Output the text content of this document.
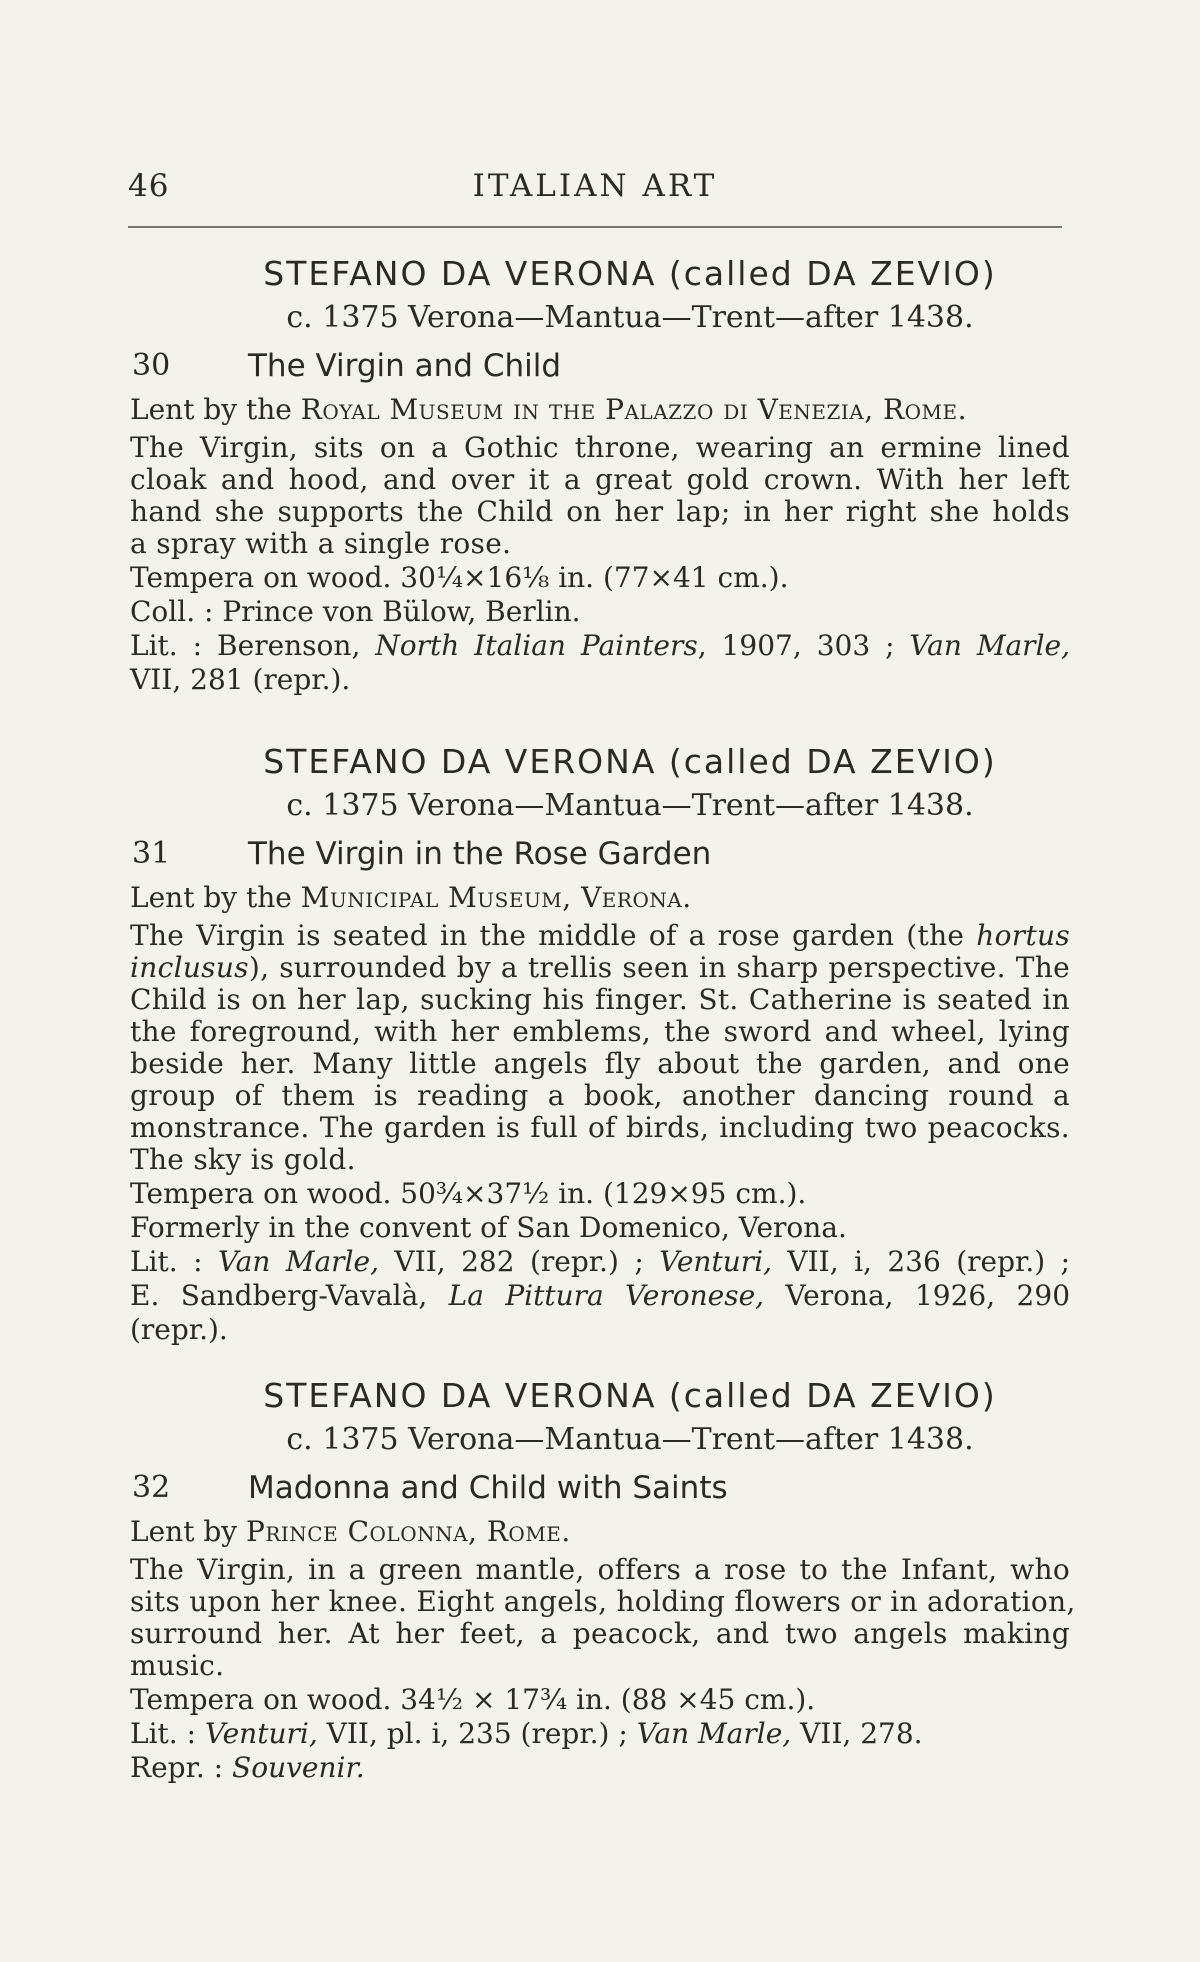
46	ITALIAN ART
STEFANO DA VERONA (called DA ZEVIO)
c. 1375 Verona—Mantua—Trent—after 1438.
30	The Virgin and Child
Lent by the Royal Museum in the Palazzo di Venezia, Rome.
The Virgin, sits on a Gothic throne, wearing an ermine lined
cloak and hood, and over it a great gold crown. With her left
hand she supports the Child on her lap; in her right she holds
a spray with a single rose.
Tempera on wood. 30¼×16⅛ in. (77×41 cm.).
Coll. : Prince von Bülow, Berlin.
Lit. : Berenson, North Italian Painters, 1907, 303 ; Van Marle,
VII, 281 (repr.).
STEFANO DA VERONA (called DA ZEVIO)
c. 1375 Verona—Mantua—Trent—after 1438.
31	The Virgin in the Rose Garden
Lent by the Municipal Museum, Verona.
The Virgin is seated in the middle of a rose garden (the hortus
inclusus), surrounded by a trellis seen in sharp perspective. The
Child is on her lap, sucking his finger. St. Catherine is seated in
the foreground, with her emblems, the sword and wheel, lying
beside her. Many little angels fly about the garden, and one
group of them is reading a book, another dancing round a
monstrance. The garden is full of birds, including two peacocks.
The sky is gold.
Tempera on wood. 50¾×37½ in. (129×95 cm.).
Formerly in the convent of San Domenico, Verona.
Lit. : Van Marle, VII, 282 (repr.) ; Venturi, VII, i, 236 (repr.) ;
E. Sandberg-Vavalà, La Pittura Veronese, Verona, 1926, 290
(repr.).
STEFANO DA VERONA (called DA ZEVIO)
c. 1375 Verona—Mantua—Trent—after 1438.
32	Madonna and Child with Saints
Lent by Prince Colonna, Rome.
The Virgin, in a green mantle, offers a rose to the Infant, who
sits upon her knee. Eight angels, holding flowers or in adoration,
surround her. At her feet, a peacock, and two angels making
music.
Tempera on wood. 34½ × 17¾ in. (88 ×45 cm.).
Lit. : Venturi, VII, pl. i, 235 (repr.) ; Van Marle, VII, 278.
Repr. : Souvenir.
